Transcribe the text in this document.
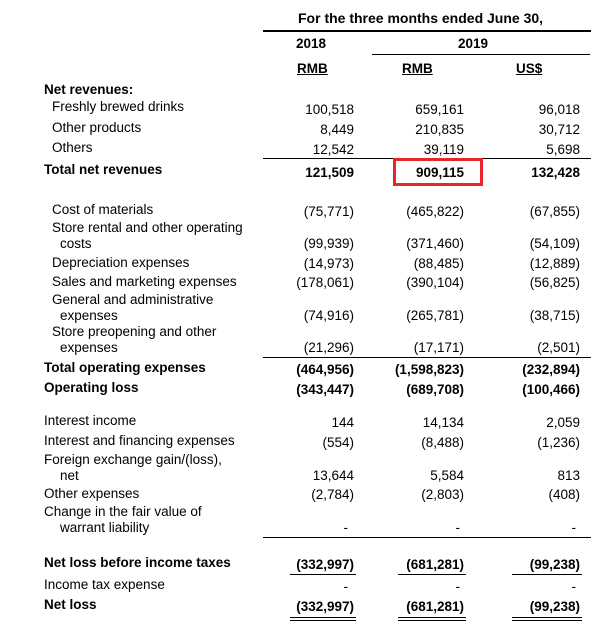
For the three months ended June 30,
2018	2019
RMB	RMB	US$
Net revenues:
Freshly brewed drinks	100,518	659,161	96,018
Other products	8,449	210,835	30,712
Others	12,542	39,119	5,698
Total net revenues	121,509	909,115	132,428
Cost of materials	(75,771)	(465,822)	(67,855)
Store rental and other operating
costs	(99,939)	(371,460)	(54,109)
Depreciation expenses	(14,973)	(88,485)	(12,889)
Sales and marketing expenses	(178,061)	(390,104)	(56,825)
General and administrative
expenses	(74,916)	(265,781)	(38,715)
Store preopening and other
expenses	(21,296)	(17,171)	(2,501)
Total operating expenses	(464,956)	(1,598,823)	(232,894)
Operating loss	(343,447)	(689,708)	(100,466)
Interest income	144	14,134	2,059
Interest and financing expenses	(554)	(8,488)	(1,236)
Foreign exchange gain/(loss),
net	13,644	5,584	813
Other expenses	(2,784)	(2,803)	(408)
Change in the fair value of
warrant liability	-	-	-
Net loss before income taxes	(332,997)	(681,281)	(99,238)
Income tax expense	-	-	-
Net loss	(332,997)	(681,281)	(99,238)
